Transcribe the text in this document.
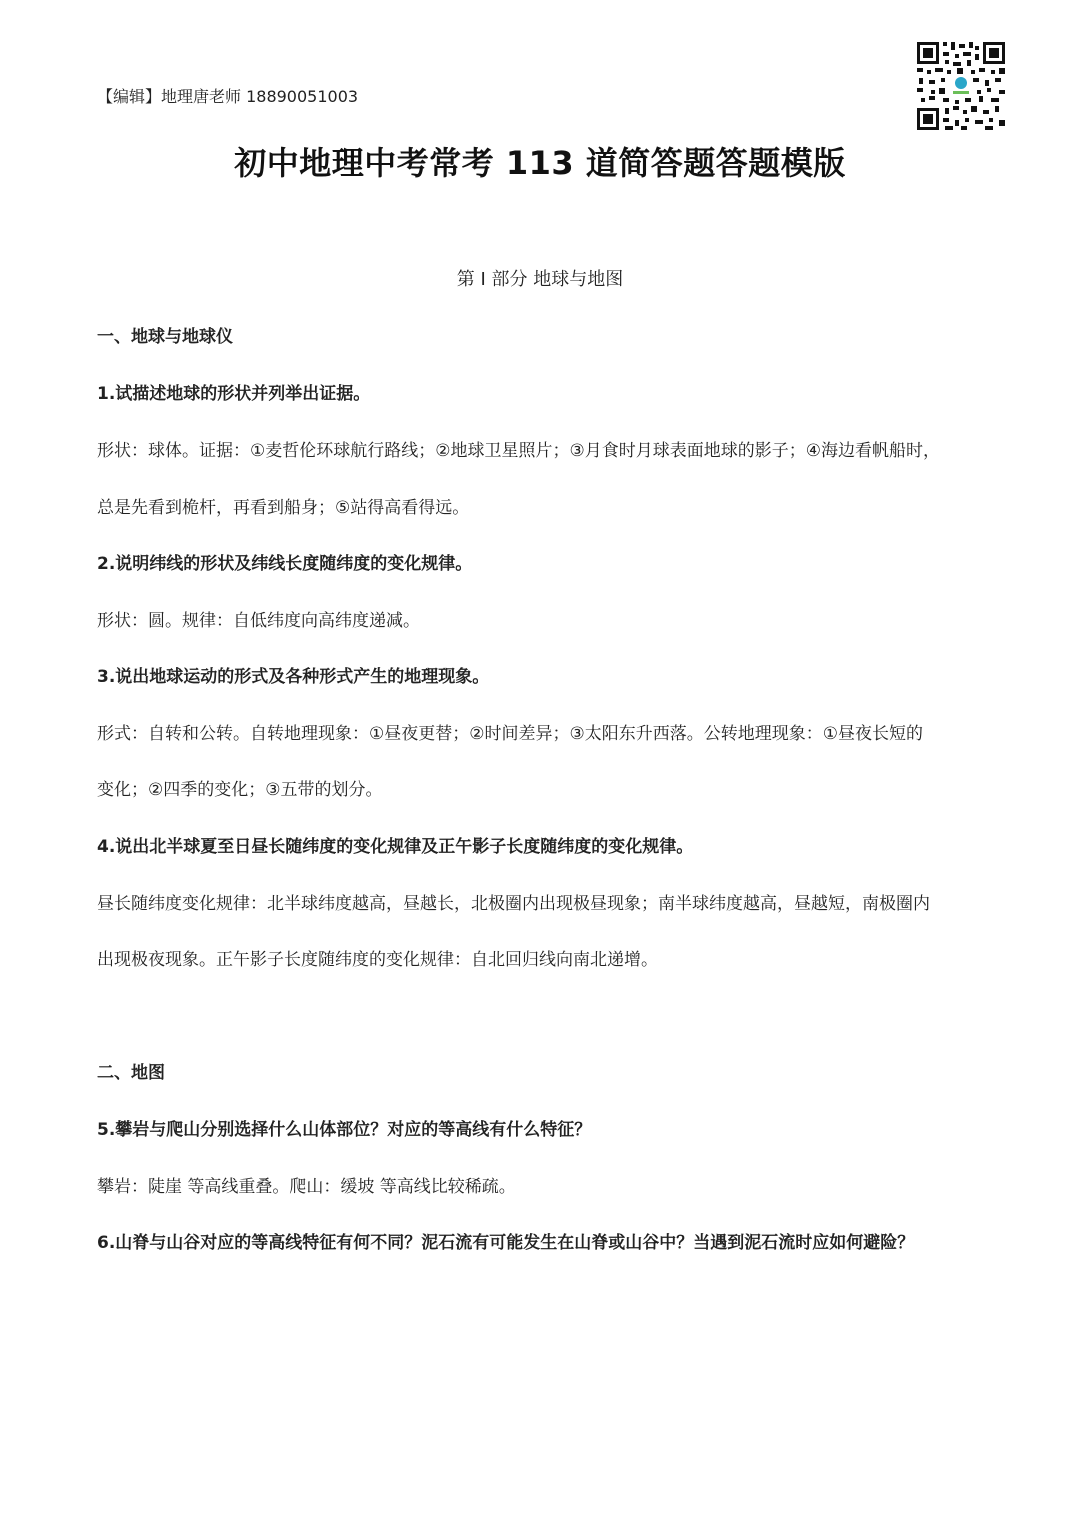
【编辑】地理唐老师 18890051003
初中地理中考常考 113 道简答题答题模版
第 I 部分 地球与地图
一、地球与地球仪
1.试描述地球的形状并列举出证据。
形状：球体。证据：①麦哲伦环球航行路线；②地球卫星照片；③月食时月球表面地球的影子；④海边看帆船时，
总是先看到桅杆，再看到船身；⑤站得高看得远。
2.说明纬线的形状及纬线长度随纬度的变化规律。
形状：圆。规律：自低纬度向高纬度递减。
3.说出地球运动的形式及各种形式产生的地理现象。
形式：自转和公转。自转地理现象：①昼夜更替；②时间差异；③太阳东升西落。公转地理现象：①昼夜长短的
变化；②四季的变化；③五带的划分。
4.说出北半球夏至日昼长随纬度的变化规律及正午影子长度随纬度的变化规律。
昼长随纬度变化规律：北半球纬度越高，昼越长，北极圈内出现极昼现象；南半球纬度越高，昼越短，南极圈内
出现极夜现象。正午影子长度随纬度的变化规律：自北回归线向南北递增。
二、地图
5.攀岩与爬山分别选择什么山体部位？对应的等高线有什么特征？
攀岩：陡崖 等高线重叠。爬山：缓坡 等高线比较稀疏。
6.山脊与山谷对应的等高线特征有何不同？泥石流有可能发生在山脊或山谷中？当遇到泥石流时应如何避险？
